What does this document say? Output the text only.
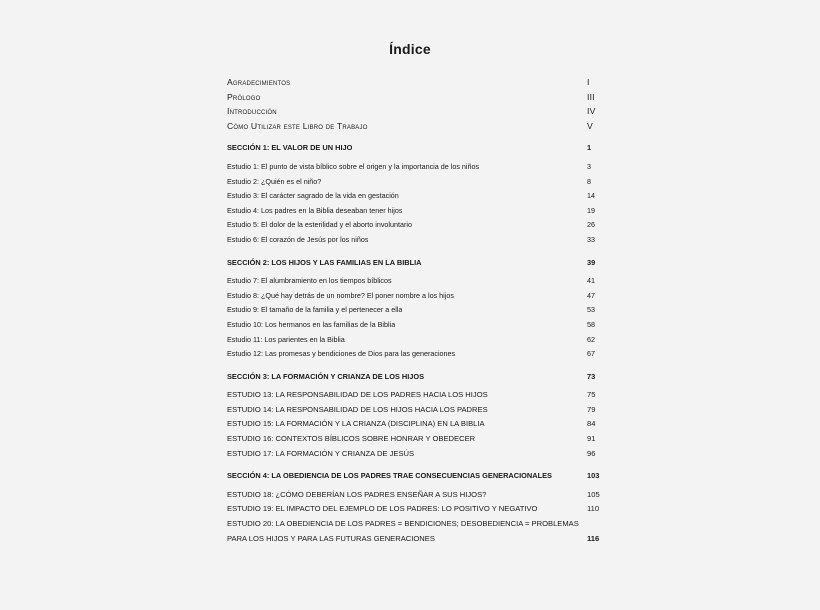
Índice
Agradecimientos	I
Prólogo	III
Introducción	IV
Cómo Utilizar este Libro de Trabajo	V
SECCIÓN 1: EL VALOR DE UN HIJO	1
Estudio 1: El punto de vista bíblico sobre el origen y la importancia de los niños	3
Estudio 2: ¿Quién es el niño?	8
Estudio 3: El carácter sagrado de la vida en gestación	14
Estudio 4: Los padres en la Biblia deseaban tener hijos	19
Estudio 5: El dolor de la esterilidad y el aborto involuntario	26
Estudio 6: El corazón de Jesús por los niños	33
SECCIÓN 2: LOS HIJOS Y LAS FAMILIAS EN LA BIBLIA	39
Estudio 7: El alumbramiento en los tiempos bíblicos	41
Estudio 8: ¿Qué hay detrás de un nombre? El poner nombre a los hijos	47
Estudio 9: El tamaño de la familia y el pertenecer a ella	53
Estudio 10: Los hermanos en las familias de la Biblia	58
Estudio 11: Los parientes en la Biblia	62
Estudio 12: Las promesas y bendiciones de Dios para las generaciones	67
SECCIÓN 3: LA FORMACIÓN Y CRIANZA DE LOS HIJOS	73
ESTUDIO 13: LA RESPONSABILIDAD DE LOS PADRES HACIA LOS HIJOS	75
ESTUDIO 14: LA RESPONSABILIDAD DE LOS HIJOS HACIA LOS PADRES	79
ESTUDIO 15: LA FORMACIÓN Y LA CRIANZA (DISCIPLINA) EN LA BIBLIA	84
ESTUDIO 16: CONTEXTOS BÍBLICOS SOBRE HONRAR Y OBEDECER	91
ESTUDIO 17: LA FORMACIÓN Y CRIANZA DE JESÚS	96
SECCIÓN 4: LA OBEDIENCIA DE LOS PADRES TRAE CONSECUENCIAS GENERACIONALES	103
ESTUDIO 18: ¿CÓMO DEBERÍAN LOS PADRES ENSEÑAR A SUS HIJOS?	105
ESTUDIO 19: EL IMPACTO DEL EJEMPLO DE LOS PADRES: LO POSITIVO Y NEGATIVO	110
ESTUDIO 20: LA OBEDIENCIA DE LOS PADRES = BENDICIONES; DESOBEDIENCIA = PROBLEMAS
PARA LOS HIJOS Y PARA LAS FUTURAS GENERACIONES	116
